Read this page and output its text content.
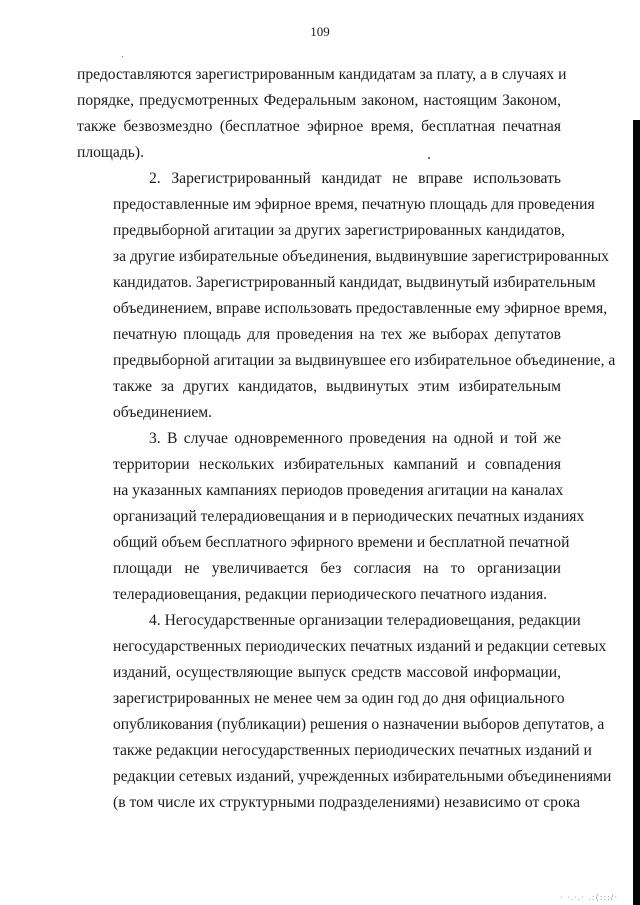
109
предоставляются зарегистрированным кандидатам за плату, а в случаях и
порядке, предусмотренных Федеральным законом, настоящим Законом,
также безвозмездно (бесплатное эфирное время, бесплатная печатная
площадь).
2. Зарегистрированный кандидат не вправе использовать
предоставленные им эфирное время, печатную площадь для проведения
предвыборной агитации за других зарегистрированных кандидатов,
за другие избирательные объединения, выдвинувшие зарегистрированных
кандидатов. Зарегистрированный кандидат, выдвинутый избирательным
объединением, вправе использовать предоставленные ему эфирное время,
печатную площадь для проведения на тех же выборах депутатов
предвыборной агитации за выдвинувшее его избирательное объединение, а
также за других кандидатов, выдвинутых этим избирательным
объединением.
3. В случае одновременного проведения на одной и той же
территории нескольких избирательных кампаний и совпадения
на указанных кампаниях периодов проведения агитации на каналах
организаций телерадиовещания и в периодических печатных изданиях
общий объем бесплатного эфирного времени и бесплатной печатной
площади не увеличивается без согласия на то организации
телерадиовещания, редакции периодического печатного издания.
4. Негосударственные организации телерадиовещания, редакции
негосударственных периодических печатных изданий и редакции сетевых
изданий, осуществляющие выпуск средств массовой информации,
зарегистрированных не менее чем за один год до дня официального
опубликования (публикации) решения о назначении выборов депутатов, а
также редакции негосударственных периодических печатных изданий и
редакции сетевых изданий, учрежденных избирательными объединениями
(в том числе их структурными подразделениями) независимо от срока
· ·.·.· .:(:::/·
